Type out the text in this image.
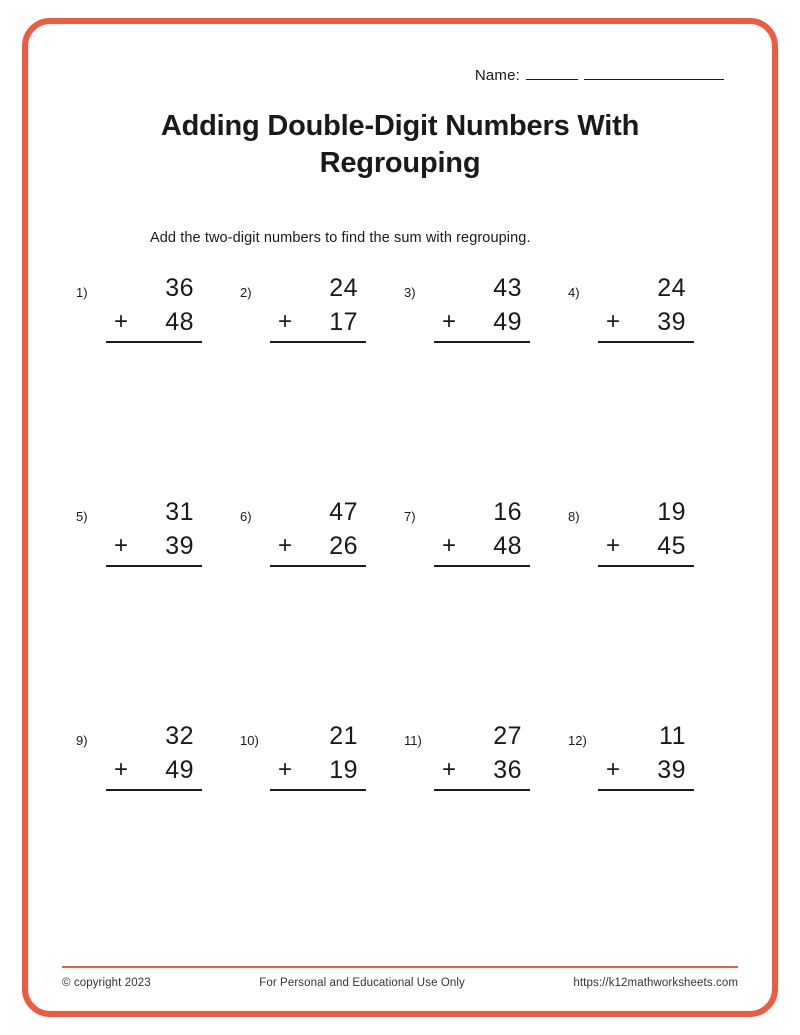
Name:
Adding Double-Digit Numbers With Regrouping
Add the two-digit numbers to find the sum with regrouping.
1)	36
+ 48
2)	24
+ 17
3)	43
+ 49
4)	24
+ 39
5)	31
+ 39
6)	47
+ 26
7)	16
+ 48
8)	19
+ 45
9)	32
+ 49
10)	21
+ 19
11)	27
+ 36
12)	11
+ 39
© copyright 2023	For Personal and Educational Use Only	https://k12mathworksheets.com
